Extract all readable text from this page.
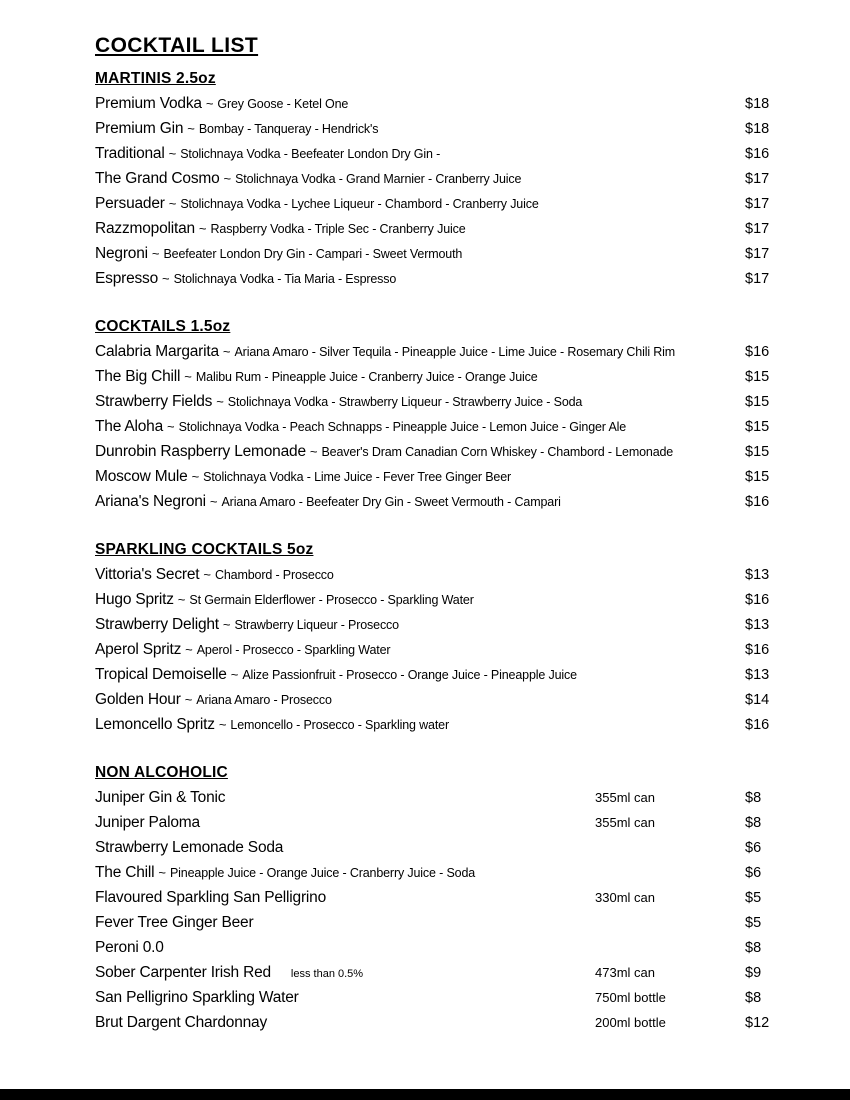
COCKTAIL LIST
MARTINIS 2.5oz
Premium Vodka ~ Grey Goose - Ketel One	$18
Premium Gin ~ Bombay - Tanqueray - Hendrick's	$18
Traditional ~ Stolichnaya Vodka - Beefeater London Dry Gin -	$16
The Grand Cosmo ~ Stolichnaya Vodka - Grand Marnier - Cranberry Juice	$17
Persuader ~ Stolichnaya Vodka - Lychee Liqueur - Chambord - Cranberry Juice	$17
Razzmopolitan ~ Raspberry Vodka - Triple Sec - Cranberry Juice	$17
Negroni ~ Beefeater London Dry Gin - Campari - Sweet Vermouth	$17
Espresso ~ Stolichnaya Vodka - Tia Maria - Espresso	$17
COCKTAILS 1.5oz
Calabria Margarita ~ Ariana Amaro - Silver Tequila - Pineapple Juice - Lime Juice - Rosemary Chili Rim	$16
The Big Chill ~ Malibu Rum - Pineapple Juice - Cranberry Juice - Orange Juice	$15
Strawberry Fields ~ Stolichnaya Vodka - Strawberry Liqueur - Strawberry Juice - Soda	$15
The Aloha ~ Stolichnaya Vodka - Peach Schnapps - Pineapple Juice - Lemon Juice - Ginger Ale	$15
Dunrobin Raspberry Lemonade ~ Beaver's Dram Canadian Corn Whiskey - Chambord - Lemonade	$15
Moscow Mule ~ Stolichnaya Vodka - Lime Juice - Fever Tree Ginger Beer	$15
Ariana's Negroni ~ Ariana Amaro - Beefeater Dry Gin - Sweet Vermouth - Campari	$16
SPARKLING COCKTAILS 5oz
Vittoria's Secret ~ Chambord - Prosecco	$13
Hugo Spritz ~ St Germain Elderflower - Prosecco - Sparkling Water	$16
Strawberry Delight ~ Strawberry Liqueur - Prosecco	$13
Aperol Spritz ~ Aperol - Prosecco - Sparkling Water	$16
Tropical Demoiselle ~ Alize Passionfruit - Prosecco - Orange Juice - Pineapple Juice	$13
Golden Hour ~ Ariana Amaro - Prosecco	$14
Lemoncello Spritz ~ Lemoncello - Prosecco - Sparkling water	$16
NON ALCOHOLIC
Juniper Gin & Tonic	355ml can	$8
Juniper Paloma	355ml can	$8
Strawberry Lemonade Soda	$6
The Chill ~ Pineapple Juice - Orange Juice - Cranberry Juice - Soda	$6
Flavoured Sparkling San Pelligrino	330ml can	$5
Fever Tree Ginger Beer	$5
Peroni 0.0	$8
Sober Carpenter Irish Red less than 0.5%	473ml can	$9
San Pelligrino Sparkling Water	750ml bottle	$8
Brut Dargent Chardonnay	200ml bottle	$12
